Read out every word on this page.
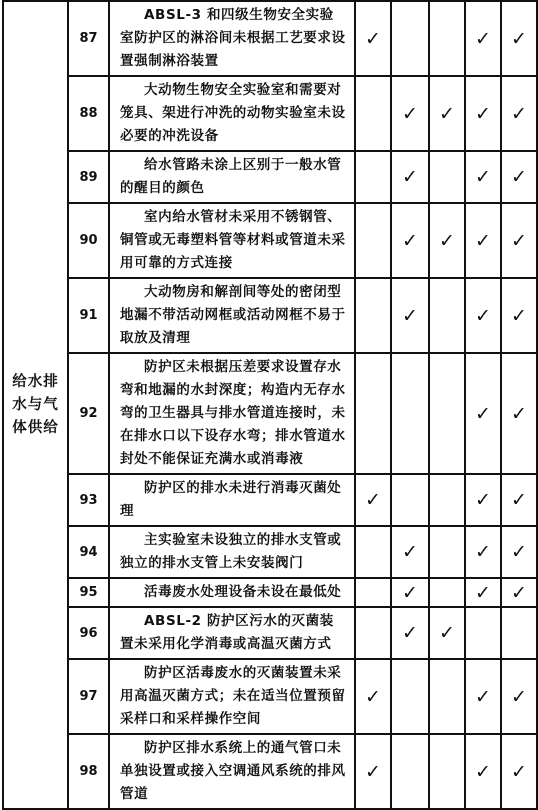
给水排水与气体供给	87	ABSL-3 和四级生物安全实验室防护区的淋浴间未根据工艺要求设置强制淋浴装置	✓			✓	✓
	88	大动物生物安全实验室和需要对笼具、架进行冲洗的动物实验室未设必要的冲洗设备		✓	✓	✓	✓
	89	给水管路未涂上区别于一般水管的醒目的颜色		✓		✓	✓
	90	室内给水管材未采用不锈钢管、铜管或无毒塑料管等材料或管道未采用可靠的方式连接		✓	✓	✓	✓
	91	大动物房和解剖间等处的密闭型地漏不带活动网框或活动网框不易于取放及清理		✓		✓	✓
	92	防护区未根据压差要求设置存水弯和地漏的水封深度；构造内无存水弯的卫生器具与排水管道连接时，未在排水口以下设存水弯；排水管道水封处不能保证充满水或消毒液				✓	✓
	93	防护区的排水未进行消毒灭菌处理	✓			✓	✓
	94	主实验室未设独立的排水支管或独立的排水支管上未安装阀门		✓		✓	✓
	95	活毒废水处理设备未设在最低处		✓		✓	✓
	96	ABSL-2 防护区污水的灭菌装置未采用化学消毒或高温灭菌方式		✓	✓		
	97	防护区活毒废水的灭菌装置未采用高温灭菌方式；未在适当位置预留采样口和采样操作空间	✓			✓	✓
	98	防护区排水系统上的通气管口未单独设置或接入空调通风系统的排风管道	✓			✓	✓
